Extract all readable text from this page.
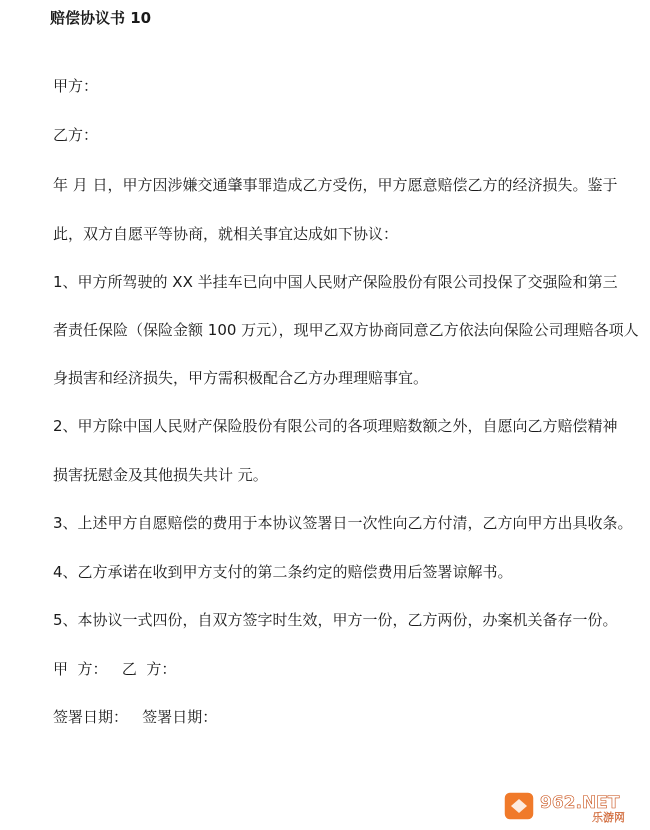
赔偿协议书 10
甲方：
乙方：
年 月 日，甲方因涉嫌交通肇事罪造成乙方受伤，甲方愿意赔偿乙方的经济损失。鉴于
此，双方自愿平等协商，就相关事宜达成如下协议：
1、甲方所驾驶的 XX 半挂车已向中国人民财产保险股份有限公司投保了交强险和第三
者责任保险（保险金额 100 万元），现甲乙双方协商同意乙方依法向保险公司理赔各项人
身损害和经济损失，甲方需积极配合乙方办理理赔事宜。
2、甲方除中国人民财产保险股份有限公司的各项理赔数额之外，自愿向乙方赔偿精神
损害抚慰金及其他损失共计 元。
3、上述甲方自愿赔偿的费用于本协议签署日一次性向乙方付清，乙方向甲方出具收条。
4、乙方承诺在收到甲方支付的第二条约定的赔偿费用后签署谅解书。
5、本协议一式四份，自双方签字时生效，甲方一份，乙方两份，办案机关备存一份。
甲  方：   乙  方：
签署日期：   签署日期：
962.NET
乐游网
